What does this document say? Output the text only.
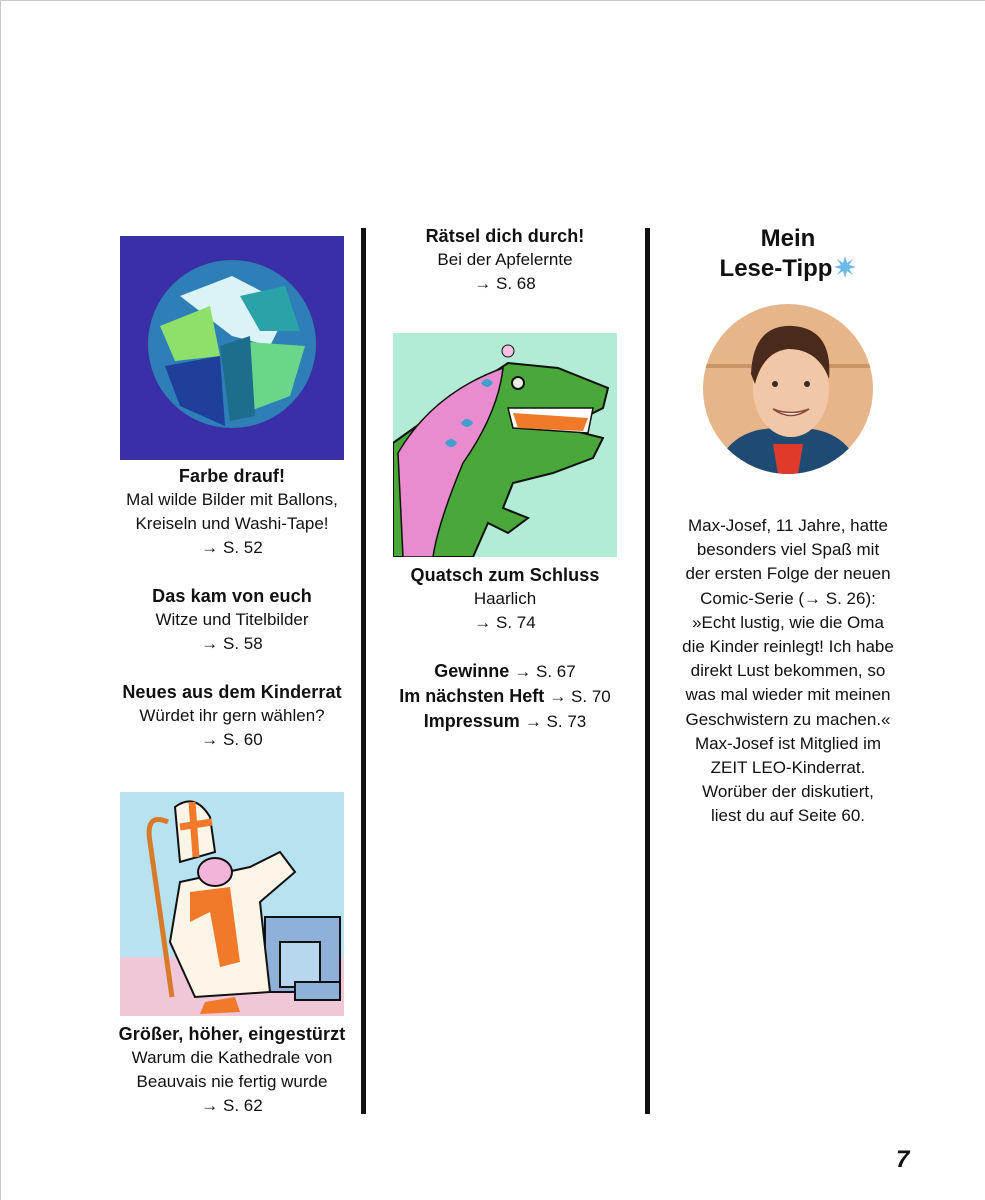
Farbe drauf!
Mal wilde Bilder mit Ballons,
Kreiseln und Washi-Tape!
→ S. 52
Das kam von euch
Witze und Titelbilder
→ S. 58
Neues aus dem Kinderrat
Würdet ihr gern wählen?
→ S. 60
Größer, höher, eingestürzt
Warum die Kathedrale von
Beauvais nie fertig wurde
→ S. 62
Rätsel dich durch!
Bei der Apfelernte
→ S. 68
Quatsch zum Schluss
Haarlich
→ S. 74
Gewinne → S. 67
Im nächsten Heft → S. 70
Impressum → S. 73
Mein
Lese-Tipp
Max-Josef, 11 Jahre, hatte
besonders viel Spaß mit
der ersten Folge der neuen
Comic-Serie (→ S. 26):
»Echt lustig, wie die Oma
die Kinder reinlegt! Ich habe
direkt Lust bekommen, so
was mal wieder mit meinen
Geschwistern zu machen.«
Max-Josef ist Mitglied im
ZEIT LEO-Kinderrat.
Worüber der diskutiert,
liest du auf Seite 60.
7
